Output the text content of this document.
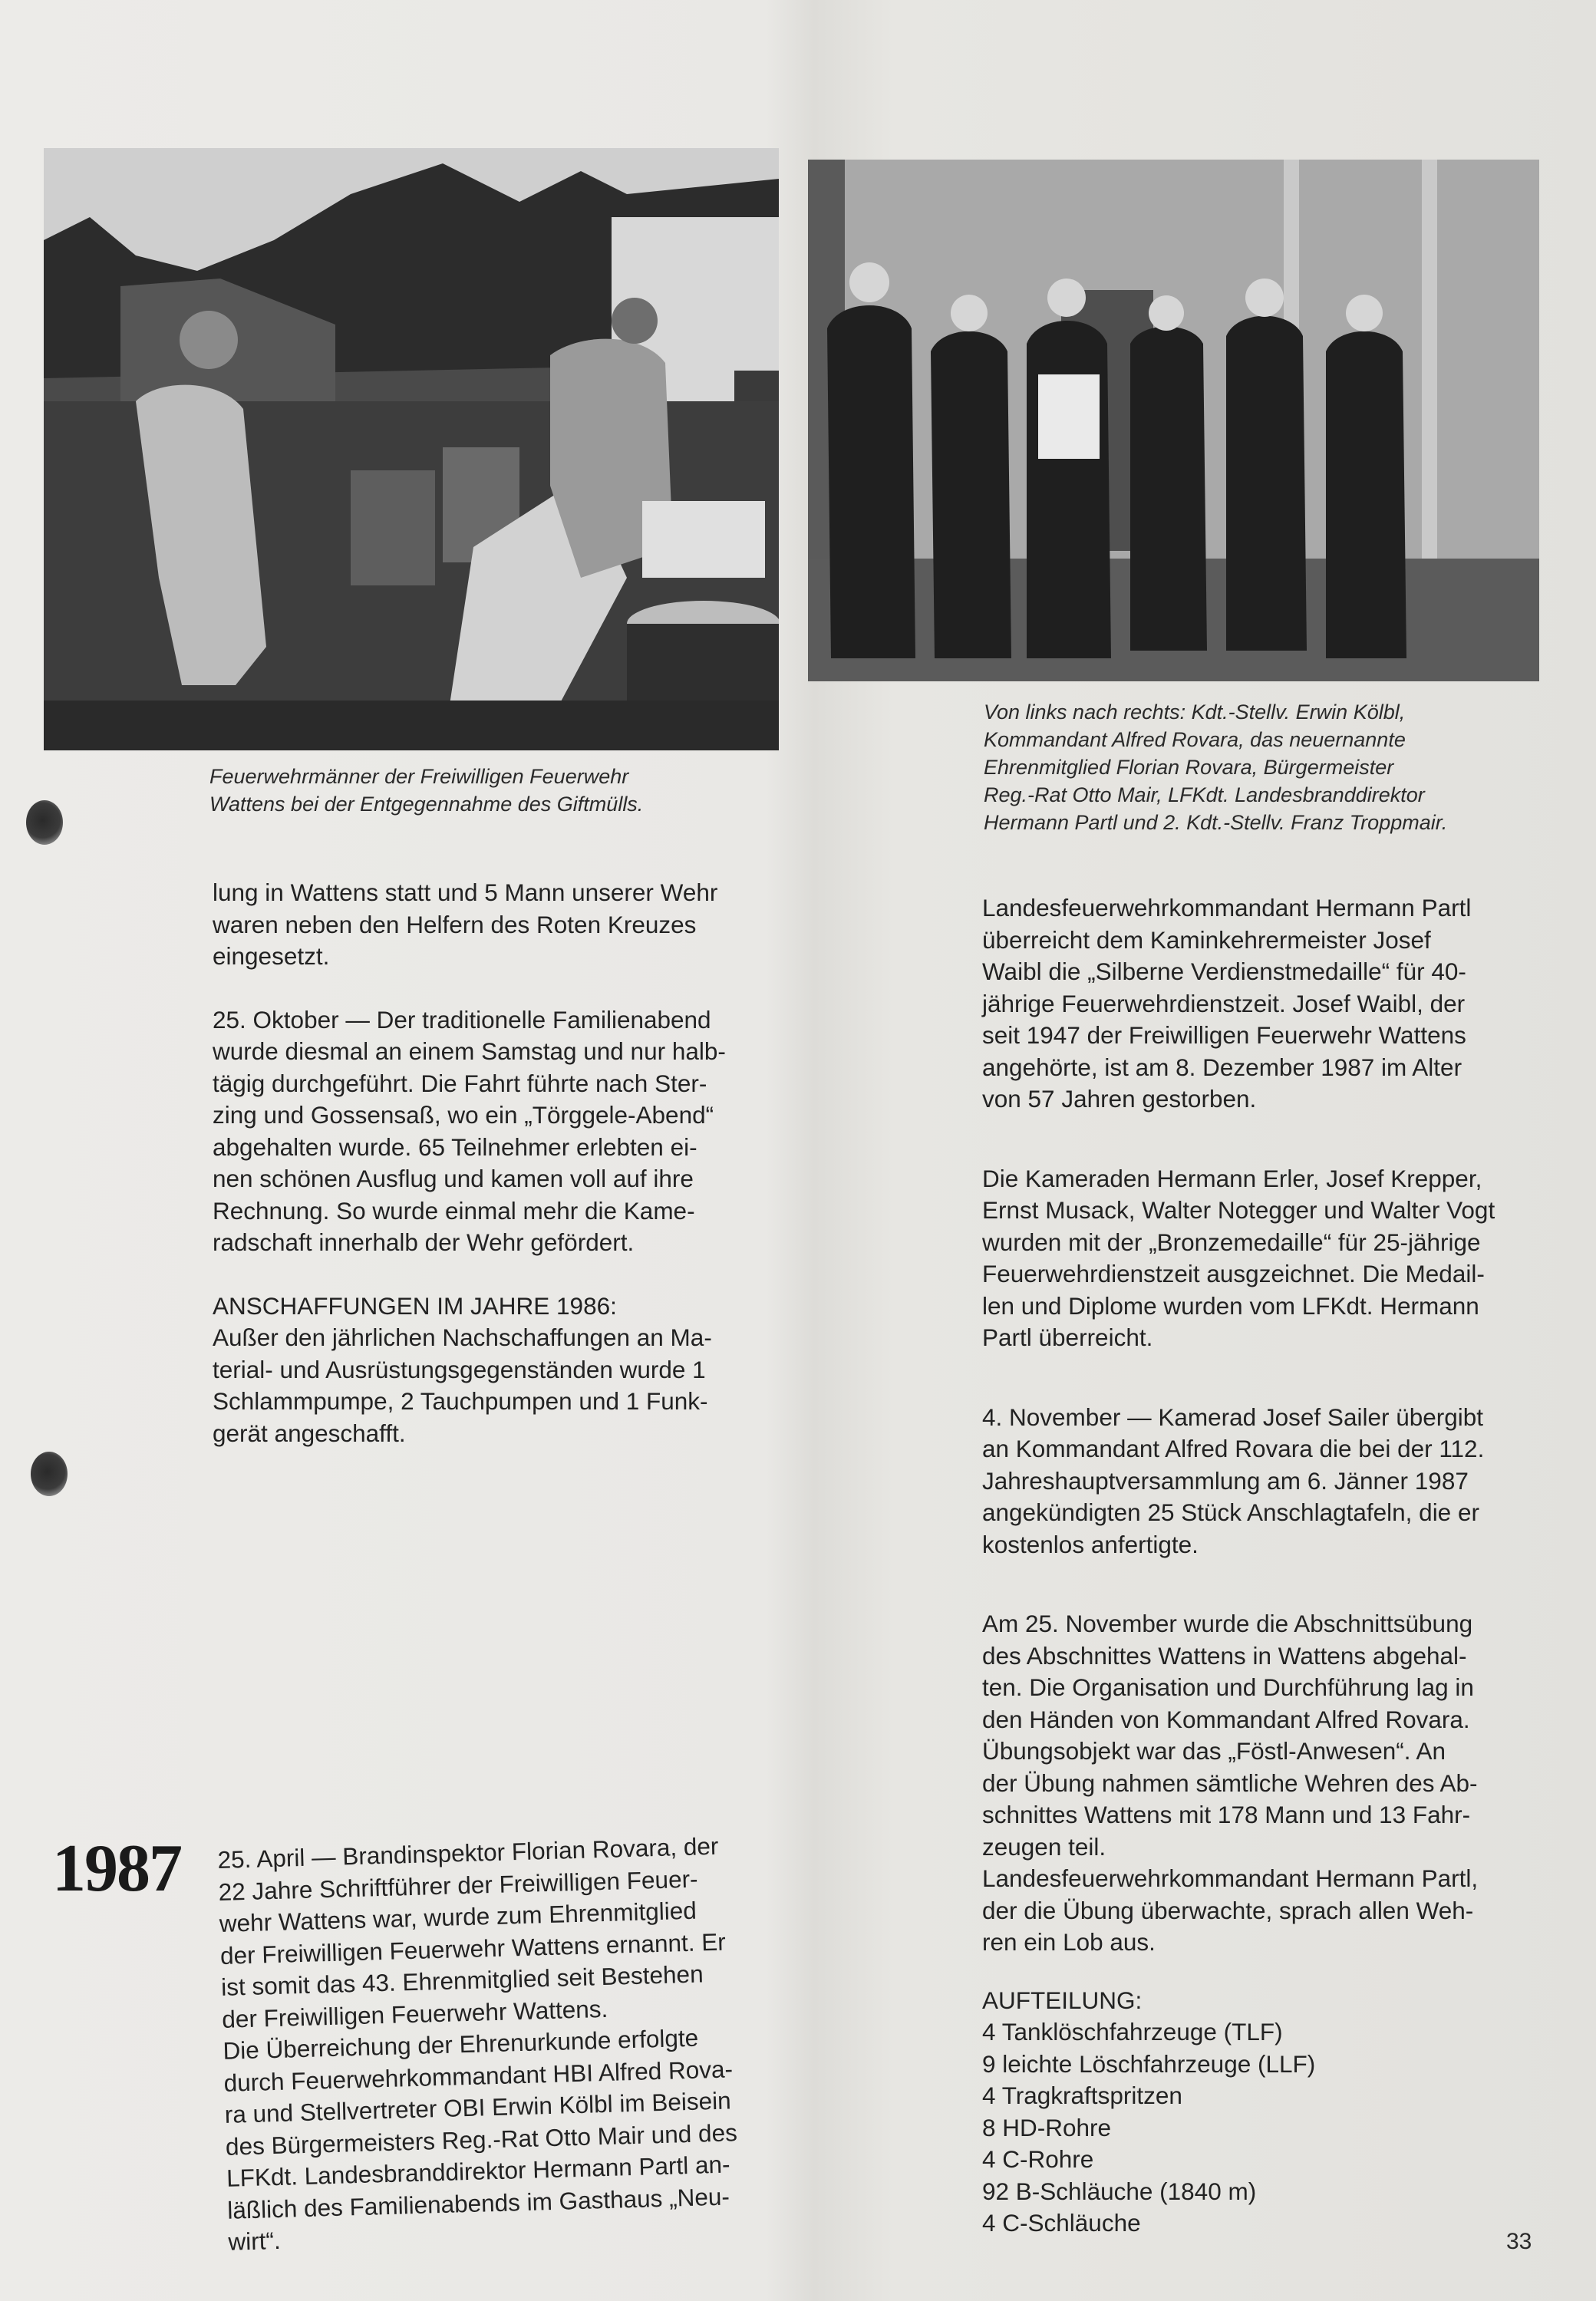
Feuerwehrmänner der Freiwilligen Feuerwehr
Wattens bei der Entgegennahme des Giftmülls.
Von links nach rechts: Kdt.-Stellv. Erwin Kölbl,
Kommandant Alfred Rovara, das neuernannte
Ehrenmitglied Florian Rovara, Bürgermeister
Reg.-Rat Otto Mair, LFKdt. Landesbranddirektor
Hermann Partl und 2. Kdt.-Stellv. Franz Troppmair.

lung in Wattens statt und 5 Mann unserer Wehr

waren neben den Helfern des Roten Kreuzes

eingesetzt.

25. Oktober — Der traditionelle Familienabend

wurde diesmal an einem Samstag und nur halb-

tägig durchgeführt. Die Fahrt führte nach Ster-

zing und Gossensaß, wo ein „Törggele-Abend“

abgehalten wurde. 65 Teilnehmer erlebten ei-

nen schönen Ausflug und kamen voll auf ihre

Rechnung. So wurde einmal mehr die Kame-

radschaft innerhalb der Wehr gefördert.

ANSCHAFFUNGEN IM JAHRE 1986:

Außer den jährlichen Nachschaffungen an Ma-

terial- und Ausrüstungsgegenständen wurde 1

Schlammpumpe, 2 Tauchpumpen und 1 Funk-

gerät angeschafft.

1987 25. April — Brandinspektor Florian Rovara, der

22 Jahre Schriftführer der Freiwilligen Feuer-

wehr Wattens war, wurde zum Ehrenmitglied

der Freiwilligen Feuerwehr Wattens ernannt. Er

ist somit das 43. Ehrenmitglied seit Bestehen

der Freiwilligen Feuerwehr Wattens.

Die Überreichung der Ehrenurkunde erfolgte

durch Feuerwehrkommandant HBI Alfred Rova-

ra und Stellvertreter OBI Erwin Kölbl im Beisein

des Bürgermeisters Reg.-Rat Otto Mair und des

LFKdt. Landesbranddirektor Hermann Partl an-

läßlich des Familienabends im Gasthaus „Neu-

wirt“.

Landesfeuerwehrkommandant Hermann Partl

überreicht dem Kaminkehrermeister Josef

Waibl die „Silberne Verdienstmedaille“ für 40-

jährige Feuerwehrdienstzeit. Josef Waibl, der

seit 1947 der Freiwilligen Feuerwehr Wattens

angehörte, ist am 8. Dezember 1987 im Alter

von 57 Jahren gestorben.

Die Kameraden Hermann Erler, Josef Krepper,

Ernst Musack, Walter Notegger und Walter Vogt

wurden mit der „Bronzemedaille“ für 25-jährige

Feuerwehrdienstzeit ausgzeichnet. Die Medail-

len und Diplome wurden vom LFKdt. Hermann

Partl überreicht.

4. November — Kamerad Josef Sailer übergibt

an Kommandant Alfred Rovara die bei der 112.

Jahreshauptversammlung am 6. Jänner 1987

angekündigten 25 Stück Anschlagtafeln, die er

kostenlos anfertigte.

Am 25. November wurde die Abschnittsübung

des Abschnittes Wattens in Wattens abgehal-

ten. Die Organisation und Durchführung lag in

den Händen von Kommandant Alfred Rovara.

Übungsobjekt war das „Föstl-Anwesen“. An

der Übung nahmen sämtliche Wehren des Ab-

schnittes Wattens mit 178 Mann und 13 Fahr-

zeugen teil.

Landesfeuerwehrkommandant Hermann Partl,

der die Übung überwachte, sprach allen Weh-

ren ein Lob aus.

AUFTEILUNG:

4 Tanklöschfahrzeuge (TLF)

9 leichte Löschfahrzeuge (LLF)

4 Tragkraftspritzen

8 HD-Rohre

4 C-Rohre

92 B-Schläuche (1840 m)

4 C-Schläuche

33
